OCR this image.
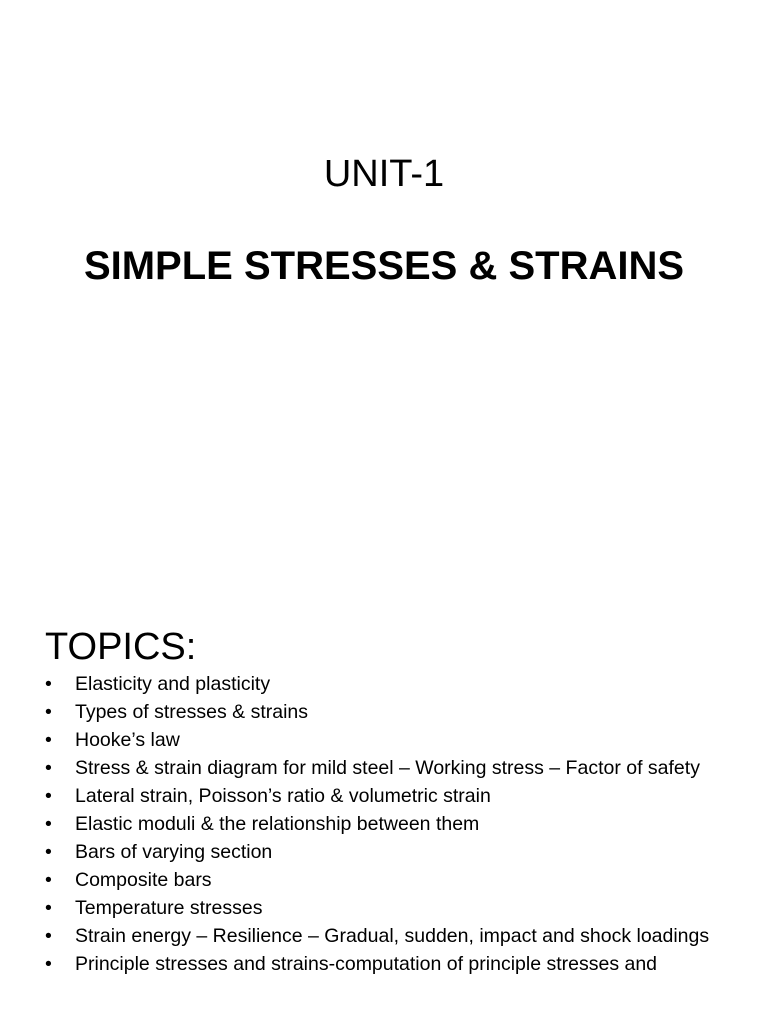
UNIT-1
SIMPLE STRESSES & STRAINS
TOPICS:
•	Elasticity and plasticity
•	Types of stresses & strains
•	Hooke’s law
•	Stress & strain diagram for mild steel – Working stress – Factor of safety
•	Lateral strain, Poisson’s ratio & volumetric strain
•	Elastic moduli & the relationship between them
•	Bars of varying section
•	Composite bars
•	Temperature stresses
•	Strain energy – Resilience – Gradual, sudden, impact and shock loadings
•	Principle stresses and strains-computation of principle stresses and
